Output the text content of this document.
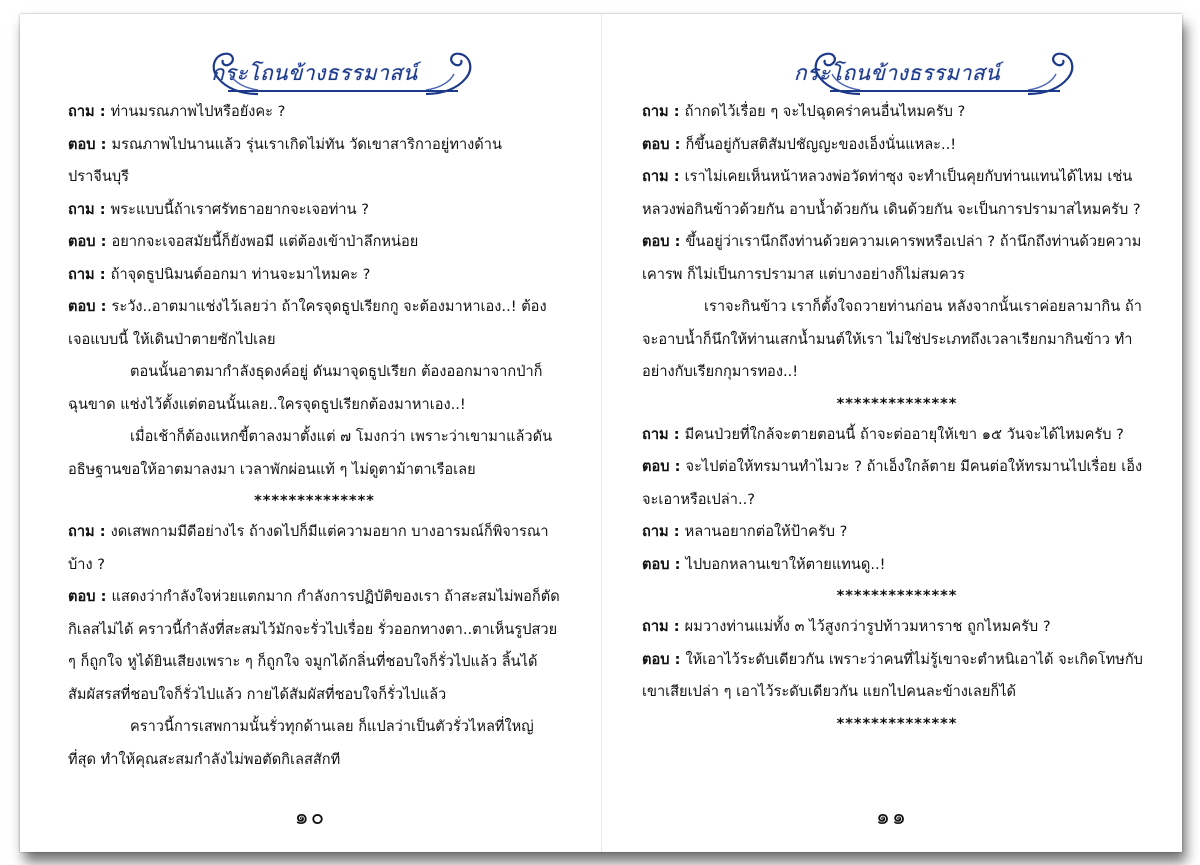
กระโถนข้างธรรมาสน์

ถาม : ท่านมรณภาพไปหรือยังคะ ?

ตอบ : มรณภาพไปนานแล้ว รุ่นเราเกิดไม่ทัน วัดเขาสาริกาอยู่ทางด้านปราจีนบุรี

ถาม : พระแบบนี้ถ้าเราศรัทธาอยากจะเจอท่าน ?

ตอบ : อยากจะเจอสมัยนี้ก็ยังพอมี แต่ต้องเข้าป่าลึกหน่อย

ถาม : ถ้าจุดธูปนิมนต์ออกมา ท่านจะมาไหมคะ ?

ตอบ : ระวัง..อาตมาแช่งไว้เลยว่า ถ้าใครจุดธูปเรียกกู จะต้องมาหาเอง..! ต้องเจอแบบนี้ ให้เดินป่าตายซักไปเลย

ตอนนั้นอาตมากำลังธุดงค์อยู่ ดันมาจุดธูปเรียก ต้องออกมาจากป่าก็ฉุนขาด แช่งไว้ตั้งแต่ตอนนั้นเลย..ใครจุดธูปเรียกต้องมาหาเอง..!

เมื่อเช้าก็ต้องแหกขี้ตาลงมาตั้งแต่ ๗ โมงกว่า เพราะว่าเขามาแล้วดันอธิษฐานขอให้อาตมาลงมา เวลาพักผ่อนแท้ ๆ ไม่ดูตาม้าตาเรือเลย

**************

ถาม : งดเสพกามมีดีอย่างไร ถ้างดไปก็มีแต่ความอยาก บางอารมณ์ก็พิจารณาบ้าง ?

ตอบ : แสดงว่ากำลังใจห่วยแตกมาก กำลังการปฏิบัติของเรา ถ้าสะสมไม่พอก็ตัดกิเลสไม่ได้ คราวนี้กำลังที่สะสมไว้มักจะรั่วไปเรื่อย รั่วออกทางตา..ตาเห็นรูปสวย ๆ ก็ถูกใจ หูได้ยินเสียงเพราะ ๆ ก็ถูกใจ จมูกได้กลิ่นที่ชอบใจก็รั่วไปแล้ว ลิ้นได้สัมผัสรสที่ชอบใจก็รั่วไปแล้ว กายได้สัมผัสที่ชอบใจก็รั่วไปแล้ว

คราวนี้การเสพกามนั้นรั่วทุกด้านเลย ก็แปลว่าเป็นตัวรั่วไหลที่ใหญ่ที่สุด ทำให้คุณสะสมกำลังไม่พอตัดกิเลสสักที

๑๐
กระโถนข้างธรรมาสน์

ถาม : ถ้ากดไว้เรื่อย ๆ จะไปฉุดคร่าคนอื่นไหมครับ ?

ตอบ : ก็ขึ้นอยู่กับสติสัมปชัญญะของเอ็งนั่นแหละ..!

ถาม : เราไม่เคยเห็นหน้าหลวงพ่อวัดท่าซุง จะทำเป็นคุยกับท่านแทนได้ไหม เช่น หลวงพ่อกินข้าวด้วยกัน อาบน้ำด้วยกัน เดินด้วยกัน จะเป็นการปรามาสไหมครับ ?

ตอบ : ขึ้นอยู่ว่าเรานึกถึงท่านด้วยความเคารพหรือเปล่า ? ถ้านึกถึงท่านด้วยความเคารพ ก็ไม่เป็นการปรามาส แต่บางอย่างก็ไม่สมควร

เราจะกินข้าว เราก็ตั้งใจถวายท่านก่อน หลังจากนั้นเราค่อยลามากิน ถ้าจะอาบน้ำก็นึกให้ท่านเสกน้ำมนต์ให้เรา ไม่ใช่ประเภทถึงเวลาเรียกมากินข้าว ทำอย่างกับเรียกกุมารทอง..!

**************

ถาม : มีคนป่วยที่ใกล้จะตายตอนนี้ ถ้าจะต่ออายุให้เขา ๑๕ วันจะได้ไหมครับ ?

ตอบ : จะไปต่อให้ทรมานทำไมวะ ? ถ้าเอ็งใกล้ตาย มีคนต่อให้ทรมานไปเรื่อย เอ็งจะเอาหรือเปล่า..?

ถาม : หลานอยากต่อให้ป้าครับ ?

ตอบ : ไปบอกหลานเขาให้ตายแทนดู..!

**************

ถาม : ผมวางท่านแม่ทั้ง ๓ ไว้สูงกว่ารูปท้าวมหาราช ถูกไหมครับ ?

ตอบ : ให้เอาไว้ระดับเดียวกัน เพราะว่าคนที่ไม่รู้เขาจะตำหนิเอาได้ จะเกิดโทษกับเขาเสียเปล่า ๆ เอาไว้ระดับเดียวกัน แยกไปคนละข้างเลยก็ได้

**************

๑๑
